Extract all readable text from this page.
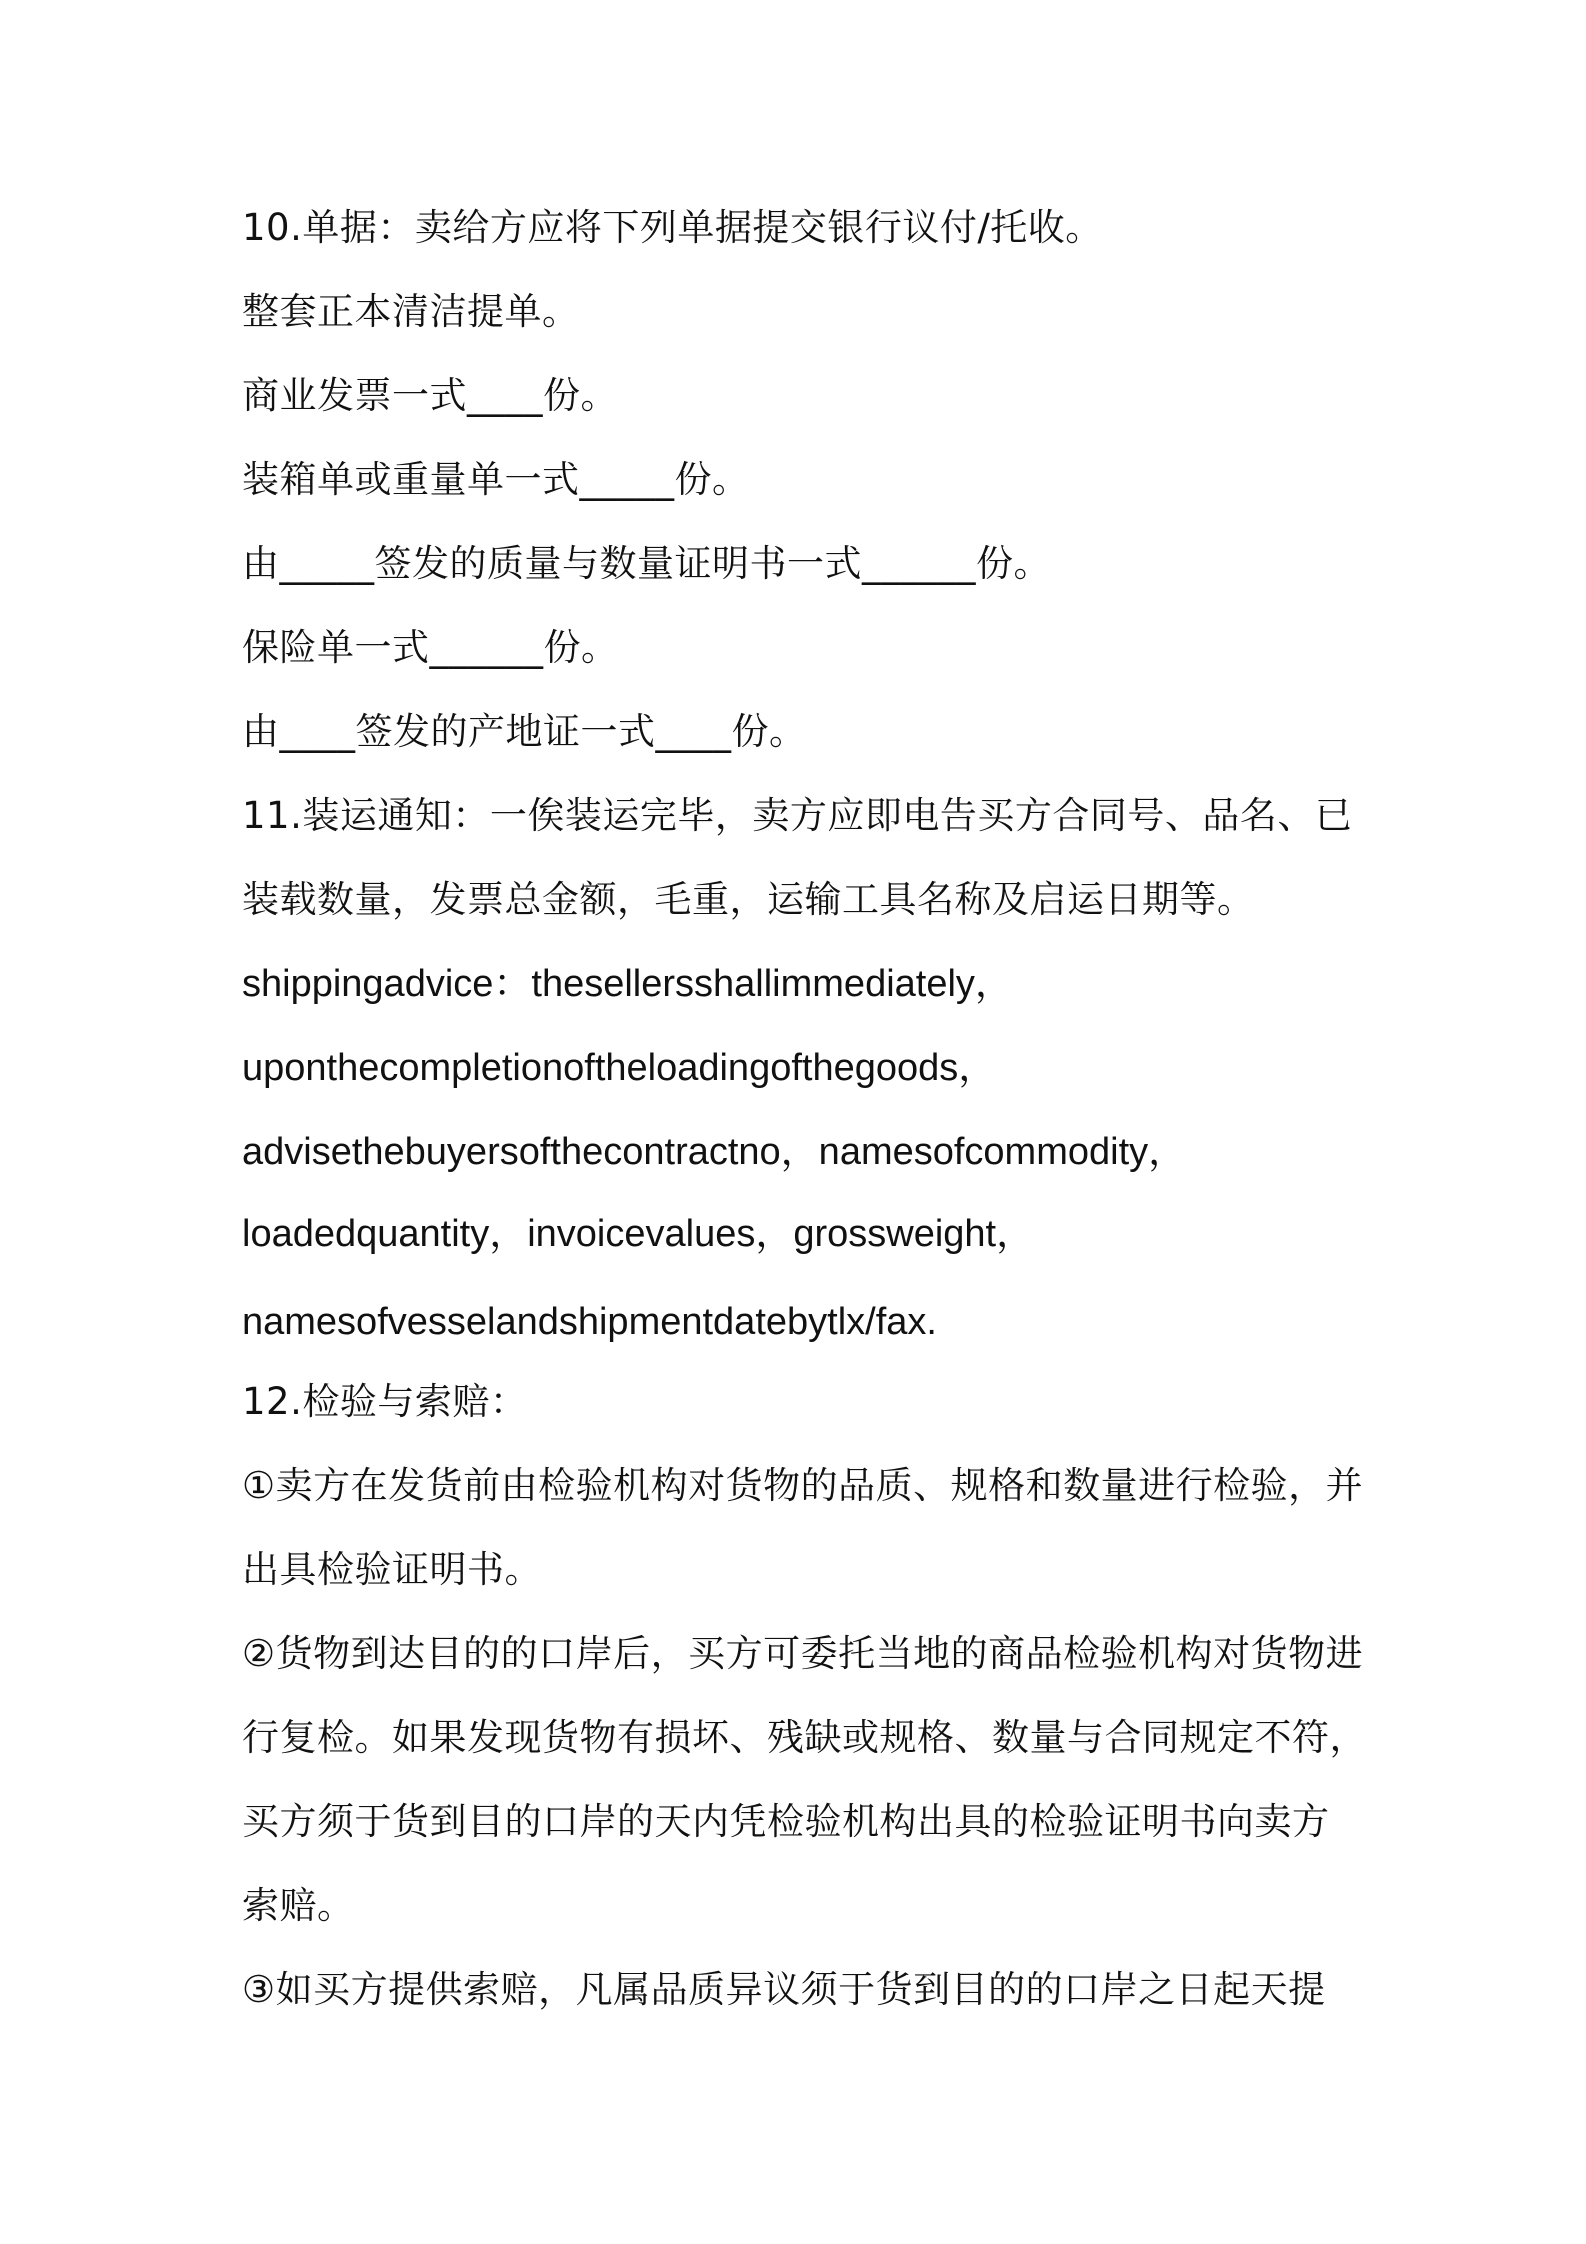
10.单据：卖给方应将下列单据提交银行议付/托收。

整套正本清洁提单。

商业发票一式____份。

装箱单或重量单一式_____份。

由_____签发的质量与数量证明书一式______份。

保险单一式______份。

由____签发的产地证一式____份。

11.装运通知：一俟装运完毕，卖方应即电告买方合同号、品名、已

装载数量，发票总金额，毛重，运输工具名称及启运日期等。

shippingadvice：thesellersshallimmediately，

uponthecompletionoftheloadingofthegoods，

advisethebuyersofthecontractno，namesofcommodity，

loadedquantity，invoicevalues，grossweight，

namesofvesselandshipmentdatebytlx/fax.

12.检验与索赔：

①卖方在发货前由检验机构对货物的品质、规格和数量进行检验，并

出具检验证明书。

②货物到达目的的口岸后，买方可委托当地的商品检验机构对货物进

行复检。如果发现货物有损坏、残缺或规格、数量与合同规定不符，

买方须于货到目的口岸的天内凭检验机构出具的检验证明书向卖方

索赔。

③如买方提供索赔，凡属品质异议须于货到目的的口岸之日起天提
